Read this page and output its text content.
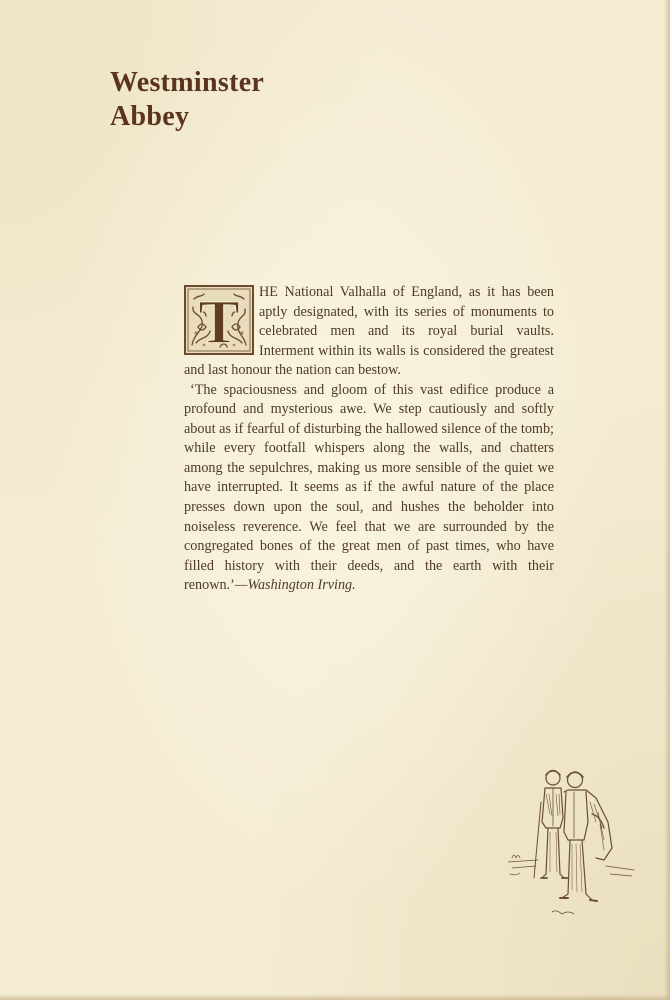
Westminster
Abbey
T	HE National Valhalla of England, as it has been aptly designated, with its series of monuments to celebrated men and its royal burial vaults. Interment within its walls is considered the greatest and last honour the nation can bestow.

‘The spaciousness and gloom of this vast edifice produce a profound and mysterious awe. We step cautiously and softly about as if fearful of disturbing the hallowed silence of the tomb; while every footfall whispers along the walls, and chatters among the sepulchres, making us more sensible of the quiet we have interrupted. It seems as if the awful nature of the place presses down upon the soul, and hushes the beholder into noiseless reverence. We feel that we are surrounded by the congregated bones of the great men of past times, who have filled history with their deeds, and the earth with their renown.’—Washington Irving.
